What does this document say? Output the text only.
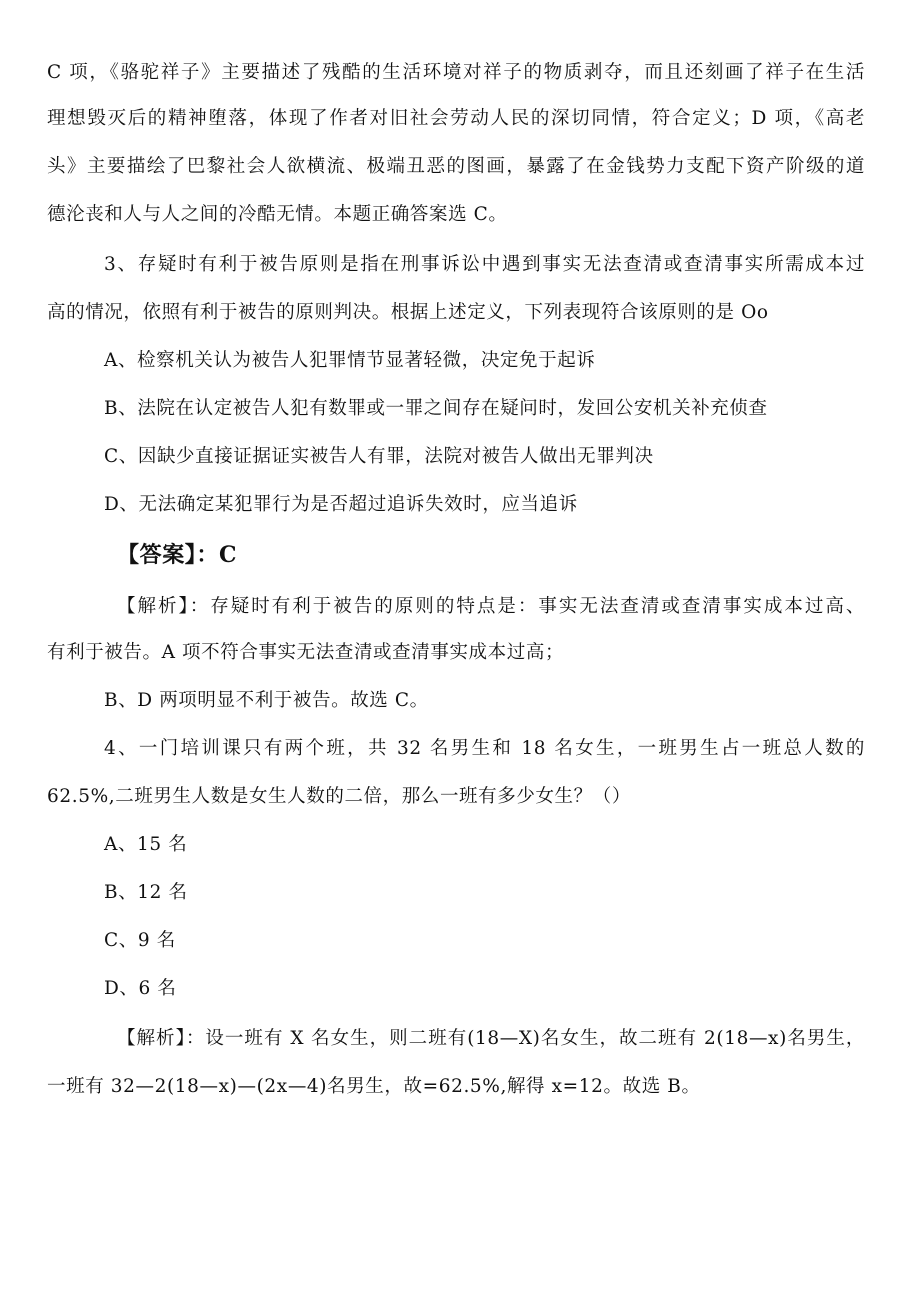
C 项，《骆驼祥子》主要描述了残酷的生活环境对祥子的物质剥夺，而且还刻画了祥子在生活
理想毁灭后的精神堕落，体现了作者对旧社会劳动人民的深切同情，符合定义；D 项，《高老
头》主要描绘了巴黎社会人欲横流、极端丑恶的图画，暴露了在金钱势力支配下资产阶级的道
德沦丧和人与人之间的冷酷无情。本题正确答案选 C。
3、存疑时有利于被告原则是指在刑事诉讼中遇到事实无法查清或查清事实所需成本过
高的情况，依照有利于被告的原则判决。根据上述定义，下列表现符合该原则的是 Oo
A、检察机关认为被告人犯罪情节显著轻微，决定免于起诉
B、法院在认定被告人犯有数罪或一罪之间存在疑问时，发回公安机关补充侦查
C、因缺少直接证据证实被告人有罪，法院对被告人做出无罪判决
D、无法确定某犯罪行为是否超过追诉失效时，应当追诉
【答案】：C
【解析】：存疑时有利于被告的原则的特点是：事实无法查清或查清事实成本过高、
有利于被告。A 项不符合事实无法查清或查清事实成本过高；
B、D 两项明显不利于被告。故选 C。
4、一门培训课只有两个班，共 32 名男生和 18 名女生，一班男生占一班总人数的
62.5%,二班男生人数是女生人数的二倍，那么一班有多少女生？（）
A、15 名
B、12 名
C、9 名
D、6 名
【解析】：设一班有 X 名女生，则二班有(18—X)名女生，故二班有 2(18—x)名男生，
一班有 32—2(18—x)—(2x—4)名男生，故=62.5%,解得 x=12。故选 B。
